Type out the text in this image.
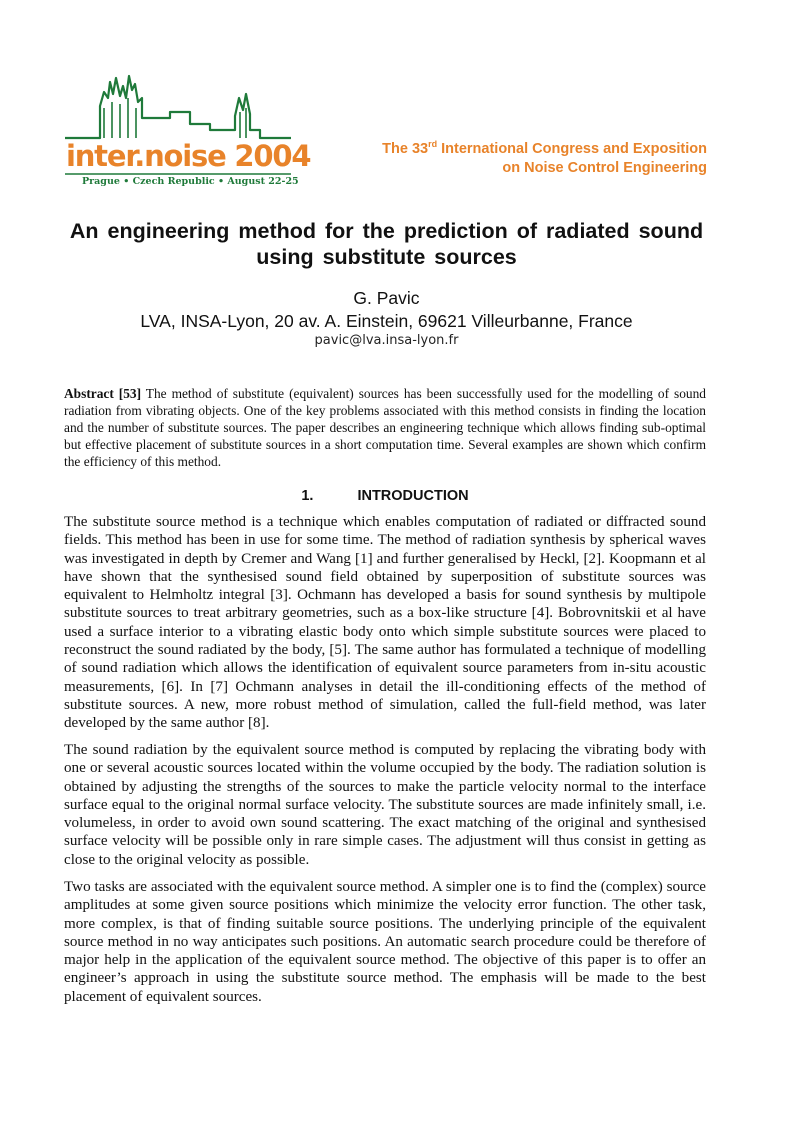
inter.noise 2004
Prague • Czech Republic • August 22-25
The 33rd International Congress and Exposition
on Noise Control Engineering
An engineering method for the prediction of radiated sound using substitute sources
G. Pavic
LVA, INSA-Lyon, 20 av. A. Einstein, 69621 Villeurbanne, France
pavic@lva.insa-lyon.fr

Abstract [53] The method of substitute (equivalent) sources has been successfully used for the modelling of sound radiation from vibrating objects. One of the key problems associated with this method consists in finding the location and the number of substitute sources. The paper describes an engineering technique which allows finding sub-optimal but effective placement of substitute sources in a short computation time. Several examples are shown which confirm the efficiency of this method.

1.	INTRODUCTION

The substitute source method is a technique which enables computation of radiated or diffracted sound fields. This method has been in use for some time. The method of radiation synthesis by spherical waves was investigated in depth by Cremer and Wang [1] and further generalised by Heckl, [2]. Koopmann et al have shown that the synthesised sound field obtained by superposition of substitute sources was equivalent to Helmholtz integral [3]. Ochmann has developed a basis for sound synthesis by multipole substitute sources to treat arbitrary geometries, such as a box-like structure [4]. Bobrovnitskii et al have used a surface interior to a vibrating elastic body onto which simple substitute sources were placed to reconstruct the sound radiated by the body, [5]. The same author has formulated a technique of modelling of sound radiation which allows the identification of equivalent source parameters from in-situ acoustic measurements, [6]. In [7] Ochmann analyses in detail the ill-conditioning effects of the method of substitute sources. A new, more robust method of simulation, called the full-field method, was later developed by the same author [8].

The sound radiation by the equivalent source method is computed by replacing the vibrating body with one or several acoustic sources located within the volume occupied by the body. The radiation solution is obtained by adjusting the strengths of the sources to make the particle velocity normal to the interface surface equal to the original normal surface velocity. The substitute sources are made infinitely small, i.e. volumeless, in order to avoid own sound scattering. The exact matching of the original and synthesised surface velocity will be possible only in rare simple cases. The adjustment will thus consist in getting as close to the original velocity as possible.

Two tasks are associated with the equivalent source method. A simpler one is to find the (complex) source amplitudes at some given source positions which minimize the velocity error function. The other task, more complex, is that of finding suitable source positions. The underlying principle of the equivalent source method in no way anticipates such positions. An automatic search procedure could be therefore of major help in the application of the equivalent source method. The objective of this paper is to offer an engineer’s approach in using the substitute source method. The emphasis will be made to the best placement of equivalent sources.
